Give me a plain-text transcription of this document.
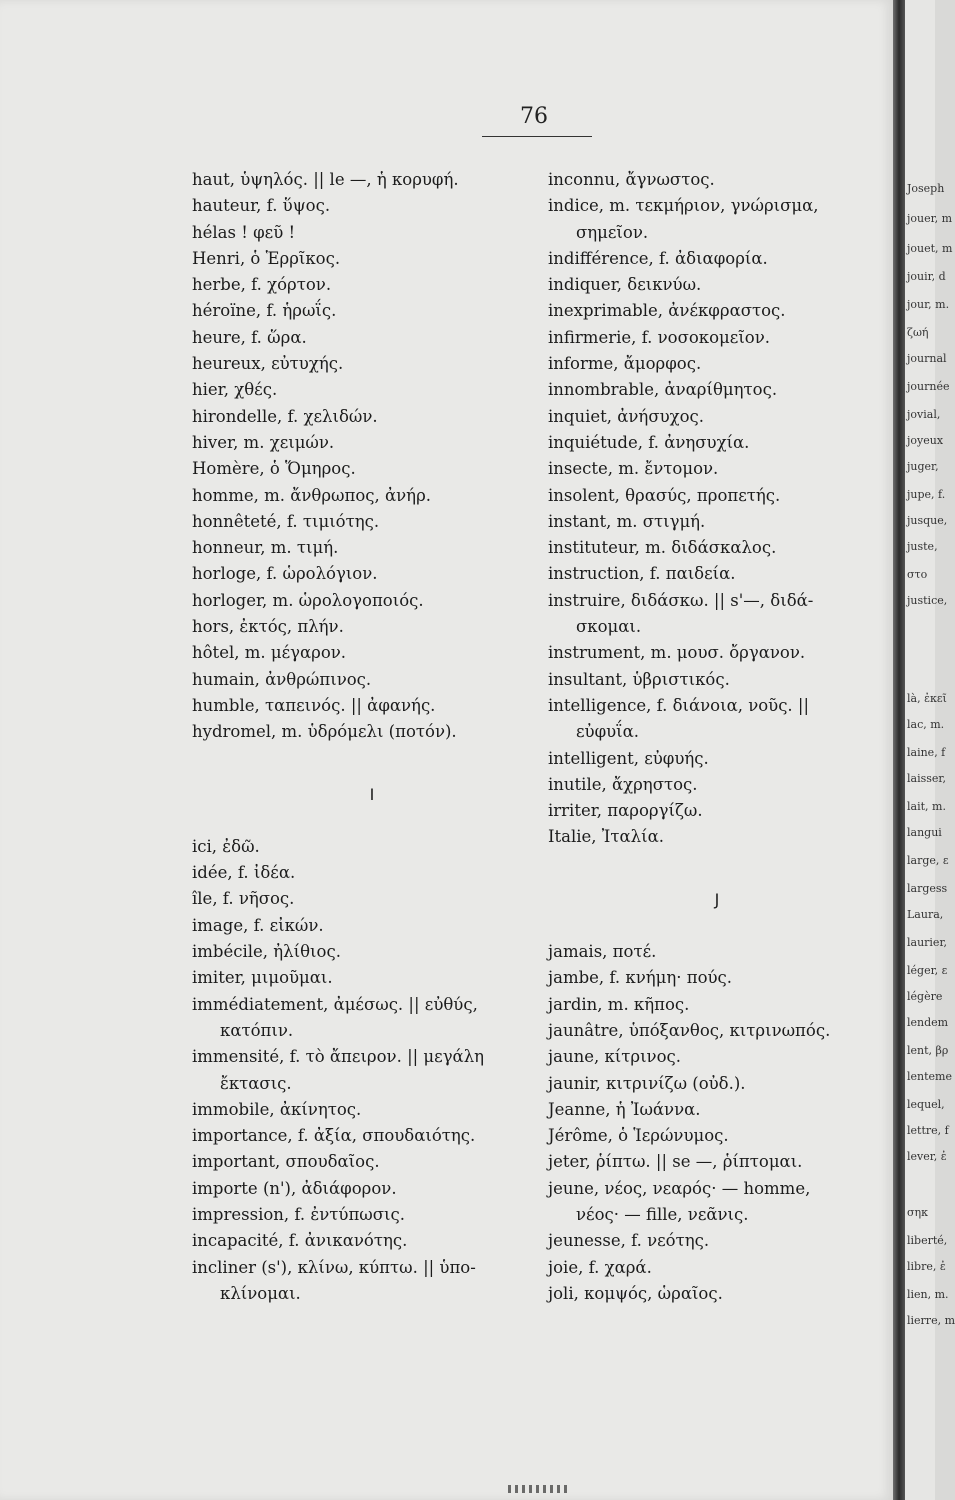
76
haut, ὑψηλός. || le —, ἡ κορυφή.
hauteur, f. ὕψος.
hélas ! φεῦ !
Henri, ὁ Ἑρρῖκος.
herbe, f. χόρτον.
héroïne, f. ἡρωΐς.
heure, f. ὥρα.
heureux, εὐτυχής.
hier, χθές.
hirondelle, f. χελιδών.
hiver, m. χειμών.
Homère, ὁ Ὅμηρος.
homme, m. ἄνθρωπος, ἀνήρ.
honnêteté, f. τιμιότης.
honneur, m. τιμή.
horloge, f. ὡρολόγιον.
horloger, m. ὡρολογοποιός.
hors, ἐκτός, πλήν.
hôtel, m. μέγαρον.
humain, ἀνθρώπινος.
humble, ταπεινός. || ἀφανής.
hydromel, m. ὑδρόμελι (ποτόν).
I
ici, ἐδῶ.
idée, f. ἰδέα.
île, f. νῆσος.
image, f. εἰκών.
imbécile, ἠλίθιος.
imiter, μιμοῦμαι.
immédiatement, ἀμέσως. || εὐθύς,
κατόπιν.
immensité, f. τὸ ἄπειρον. || μεγάλη
ἔκτασις.
immobile, ἀκίνητος.
importance, f. ἀξία, σπουδαιότης.
important, σπουδαῖος.
importe (n'), ἀδιάφορον.
impression, f. ἐντύπωσις.
incapacité, f. ἀνικανότης.
incliner (s'), κλίνω, κύπτω. || ὑπο-
κλίνομαι.
inconnu, ἄγνωστος.
indice, m. τεκμήριον, γνώρισμα,
σημεῖον.
indifférence, f. ἀδιαφορία.
indiquer, δεικνύω.
inexprimable, ἀνέκφραστος.
infirmerie, f. νοσοκομεῖον.
informe, ἄμορφος.
innombrable, ἀναρίθμητος.
inquiet, ἀνήσυχος.
inquiétude, f. ἀνησυχία.
insecte, m. ἔντομον.
insolent, θρασύς, προπετής.
instant, m. στιγμή.
instituteur, m. διδάσκαλος.
instruction, f. παιδεία.
instruire, διδάσκω. || s'—, διδά-
σκομαι.
instrument, m. μουσ. ὄργανον.
insultant, ὑβριστικός.
intelligence, f. διάνοια, νοῦς. ||
εὐφυΐα.
intelligent, εὐφυής.
inutile, ἄχρηστος.
irriter, παροργίζω.
Italie, Ἰταλία.
J
jamais, ποτέ.
jambe, f. κνήμη· πούς.
jardin, m. κῆπος.
jaunâtre, ὑπόξανθος, κιτρινωπός.
jaune, κίτρινος.
jaunir, κιτρινίζω (οὐδ.).
Jeanne, ἡ Ἰωάννα.
Jérôme, ὁ Ἱερώνυμος.
jeter, ῥίπτω. || se —, ῥίπτομαι.
jeune, νέος, νεαρός· — homme,
νέος· — fille, νεᾶνις.
jeunesse, f. νεότης.
joie, f. χαρά.
joli, κομψός, ὡραῖος.
Joseph
jouer, m
jouet, m
jouir, d
jour, m.
ζωή
journal
journée
jovial,
joyeux
juger,
jupe, f.
jusque,
juste,
στο
justice,
là, ἐκεῖ
lac, m.
laine, f
laisser,
lait, m.
langui
large, ε
largess
Laura,
laurier,
léger, ε
légère
lendem
lent, βρ
lenteme
lequel,
lettre, f
lever, ἐ
σηκ
liberté,
libre, ἐ
lien, m.
lierre, m
